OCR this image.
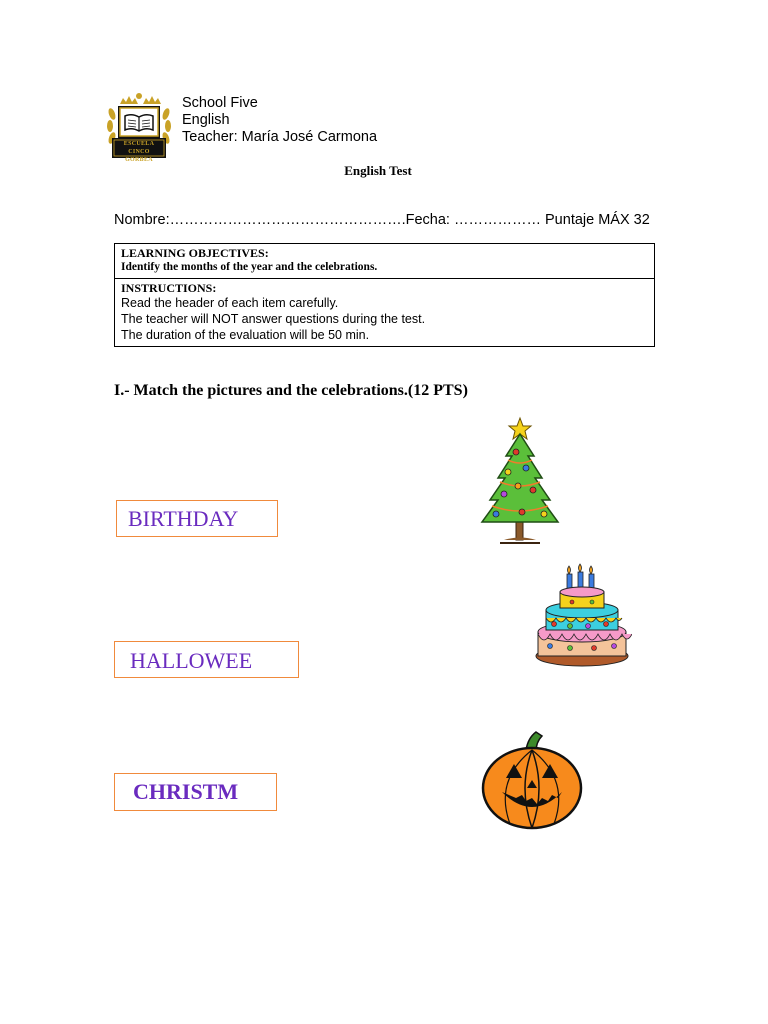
ESCUELA CINCO GORBEA
School Five
English
Teacher: María José Carmona
English Test
Nombre:………………………………………….Fecha: ……………… Puntaje MÁX 32
LEARNING OBJECTIVES:
Identify the months of the year and the celebrations.
INSTRUCTIONS:
Read the header of each item carefully.
The teacher will NOT answer questions during the test.
The duration of the evaluation will be 50 min.
I.- Match the pictures and the celebrations.(12 PTS)
BIRTHDAY
HALLOWEE
CHRISTM
